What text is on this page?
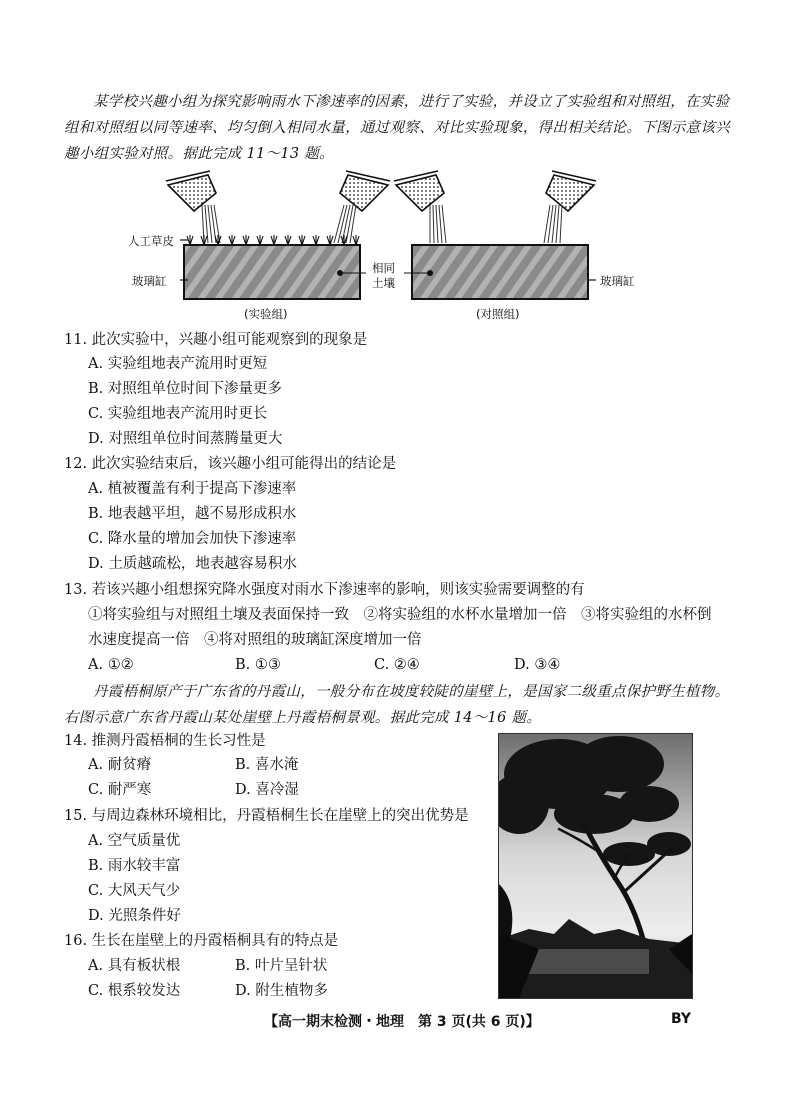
某学校兴趣小组为探究影响雨水下渗速率的因素，进行了实验，并设立了实验组和对照组，在实验组和对照组以同等速率、均匀倒入相同水量，通过观察、对比实验现象，得出相关结论。下图示意该兴趣小组实验对照。据此完成 11～13 题。

人工草皮
玻璃缸
相同
土壤	玻璃缸
(实验组)	(对照组)

11. 此次实验中，兴趣小组可能观察到的现象是

A. 实验组地表产流用时更短

B. 对照组单位时间下渗量更多

C. 实验组地表产流用时更长

D. 对照组单位时间蒸腾量更大

12. 此次实验结束后，该兴趣小组可能得出的结论是

A. 植被覆盖有利于提高下渗速率

B. 地表越平坦，越不易形成积水

C. 降水量的增加会加快下渗速率

D. 土质越疏松，地表越容易积水

13. 若该兴趣小组想探究降水强度对雨水下渗速率的影响，则该实验需要调整的有

①将实验组与对照组土壤及表面保持一致　②将实验组的水杯水量增加一倍　③将实验组的水杯倒

水速度提高一倍　④将对照组的玻璃缸深度增加一倍

A. ①②	B. ①③	C. ②④	D. ③④

丹霞梧桐原产于广东省的丹霞山，一般分布在坡度较陡的崖壁上，是国家二级重点保护野生植物。右图示意广东省丹霞山某处崖壁上丹霞梧桐景观。据此完成 14～16 题。

14. 推测丹霞梧桐的生长习性是

A. 耐贫瘠	B. 喜水淹

C. 耐严寒	D. 喜冷湿

15. 与周边森林环境相比，丹霞梧桐生长在崖壁上的突出优势是

A. 空气质量优

B. 雨水较丰富

C. 大风天气少

D. 光照条件好

16. 生长在崖壁上的丹霞梧桐具有的特点是

A. 具有板状根	B. 叶片呈针状

C. 根系较发达	D. 附生植物多

【高一期末检测・地理　第 3 页(共 6 页)】	BY
